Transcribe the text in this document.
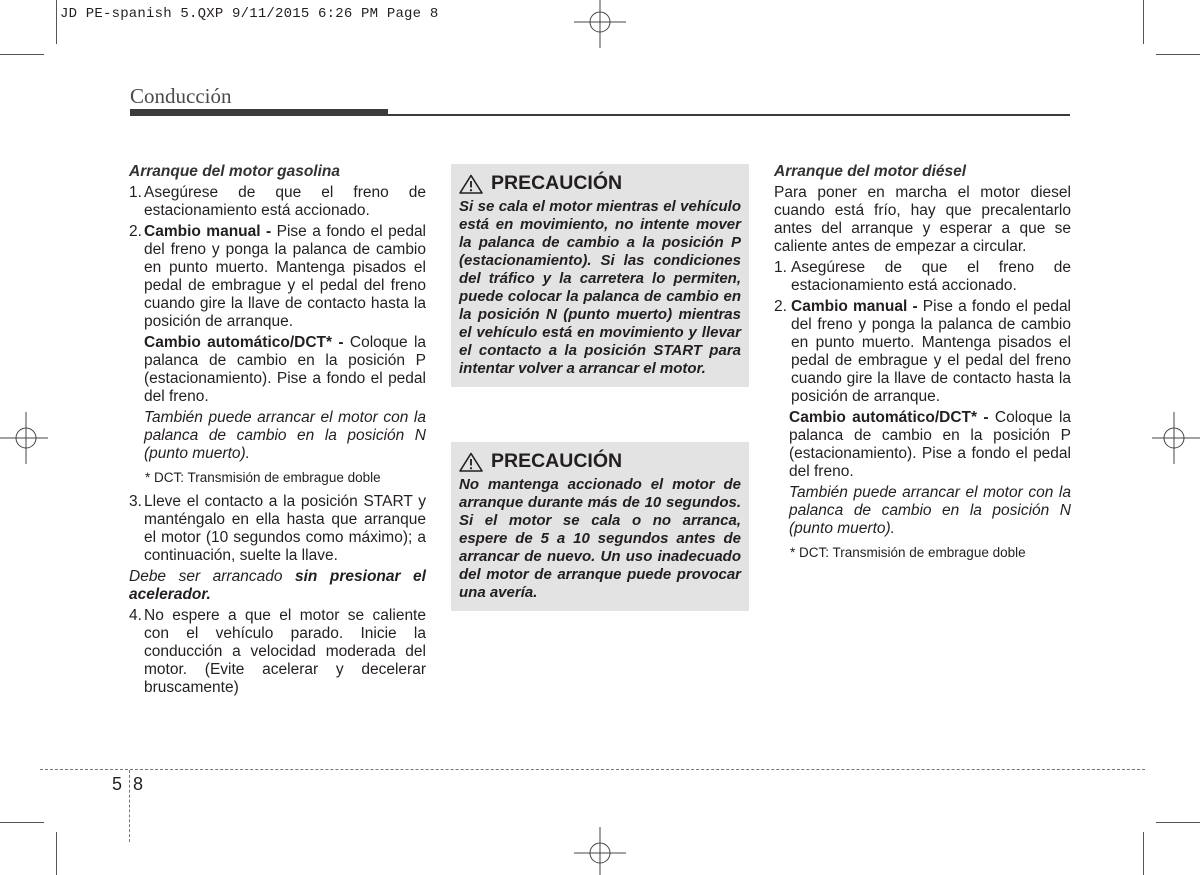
JD PE-spanish 5.QXP 9/11/2015 6:26 PM Page 8
Conducción

Arranque del motor gasolina

1. Asegúrese de que el freno de estacionamiento está accionado.
2. Cambio manual - Pise a fondo el pedal del freno y ponga la palanca de cambio en punto muerto. Mantenga pisados el pedal de embrague y el pedal del freno cuando gire la llave de contacto hasta la posición de arranque.

Cambio automático/DCT* - Coloque la palanca de cambio en la posición P (estacionamiento). Pise a fondo el pedal del freno.

También puede arrancar el motor con la palanca de cambio en la posición N (punto muerto).

* DCT: Transmisión de embrague doble

3. Lleve el contacto a la posición START y manténgalo en ella hasta que arranque el motor (10 segundos como máximo); a continuación, suelte la llave.

Debe ser arrancado sin presionar el acelerador.

4. No espere a que el motor se caliente con el vehículo parado. Inicie la conducción a velocidad moderada del motor. (Evite acelerar y decelerar bruscamente)
PRECAUCIÓN
Si se cala el motor mientras el vehículo está en movimiento, no intente mover la palanca de cambio a la posición P (estacionamiento). Si las condiciones del tráfico y la carretera lo permiten, puede colocar la palanca de cambio en la posición N (punto muerto) mientras el vehículo está en movimiento y llevar el contacto a la posición START para intentar volver a arrancar el motor.
PRECAUCIÓN
No mantenga accionado el motor de arranque durante más de 10 segundos. Si el motor se cala o no arranca, espere de 5 a 10 segundos antes de arrancar de nuevo. Un uso inadecuado del motor de arranque puede provocar una avería.

Arranque del motor diésel

Para poner en marcha el motor diesel cuando está frío, hay que precalentarlo antes del arranque y esperar a que se caliente antes de empezar a circular.

1. Asegúrese de que el freno de estacionamiento está accionado.
2. Cambio manual - Pise a fondo el pedal del freno y ponga la palanca de cambio en punto muerto. Mantenga pisados el pedal de embrague y el pedal del freno cuando gire la llave de contacto hasta la posición de arranque.

Cambio automático/DCT* - Coloque la palanca de cambio en la posición P (estacionamiento). Pise a fondo el pedal del freno.

También puede arrancar el motor con la palanca de cambio en la posición N (punto muerto).

* DCT: Transmisión de embrague doble

5 8
